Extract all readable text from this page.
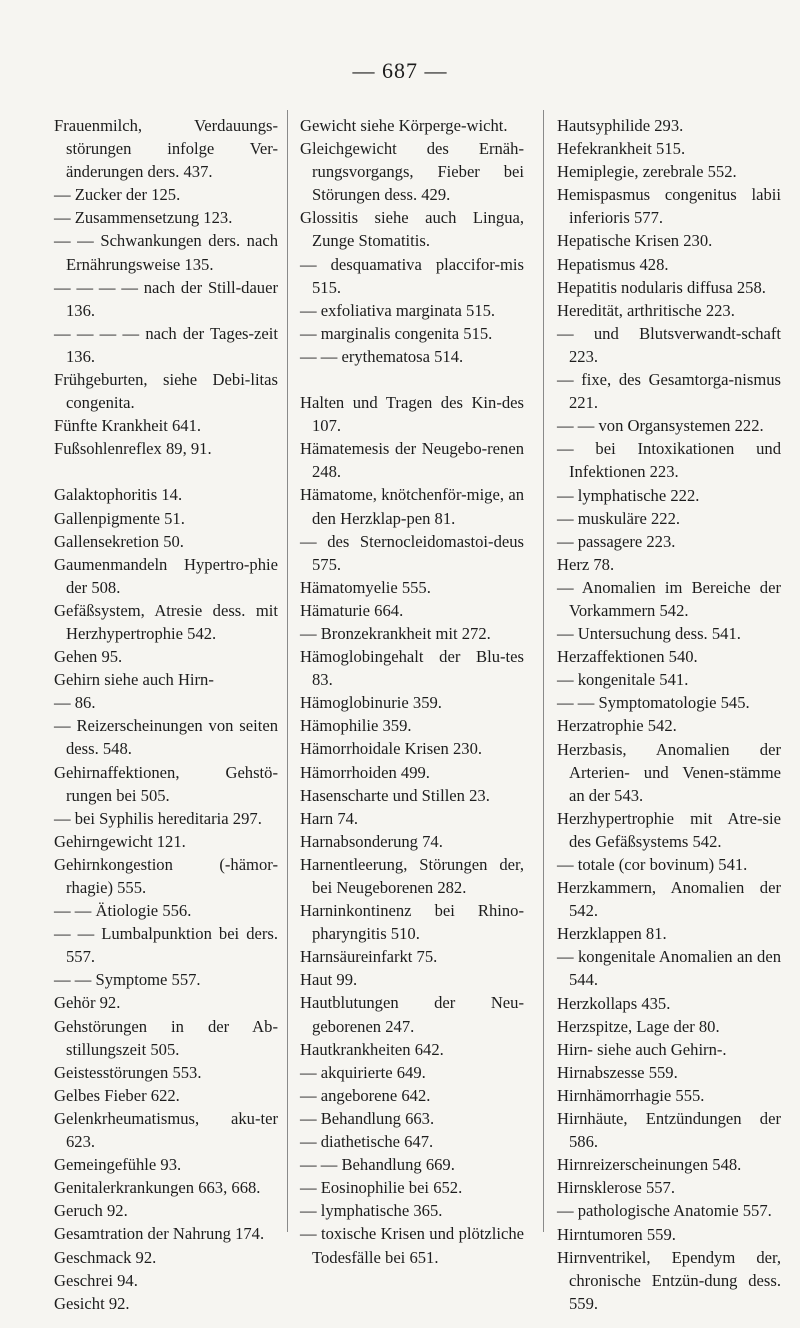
— 687 —
Frauenmilch, Verdauungs-störungen infolge Ver-änderungen ders. 437.
— Zucker der 125.
— Zusammensetzung 123.
— — Schwankungen ders. nach Ernährungsweise 135.
— — — — nach der Still-dauer 136.
— — — — nach der Tages-zeit 136.
Frühgeburten, siehe Debi-litas congenita.
Fünfte Krankheit 641.
Fußsohlenreflex 89, 91.
Galaktophoritis 14.
Gallenpigmente 51.
Gallensekretion 50.
Gaumenmandeln Hypertro-phie der 508.
Gefäßsystem, Atresie dess. mit Herzhypertrophie 542.
Gehen 95.
Gehirn siehe auch Hirn-
— 86.
— Reizerscheinungen von seiten dess. 548.
Gehirnaffektionen, Gehstö-rungen bei 505.
— bei Syphilis hereditaria 297.
Gehirngewicht 121.
Gehirnkongestion (-hämor-rhagie) 555.
— — Ätiologie 556.
— — Lumbalpunktion bei ders. 557.
— — Symptome 557.
Gehör 92.
Gehstörungen in der Ab-stillungszeit 505.
Geistesstörungen 553.
Gelbes Fieber 622.
Gelenkrheumatismus, aku-ter 623.
Gemeingefühle 93.
Genitalerkrankungen 663, 668.
Geruch 92.
Gesamtration der Nahrung 174.
Geschmack 92.
Geschrei 94.
Gesicht 92.
Gewicht siehe Körperge-wicht.
Gleichgewicht des Ernäh-rungsvorgangs, Fieber bei Störungen dess. 429.
Glossitis siehe auch Lingua, Zunge Stomatitis.
— desquamativa placcifor-mis 515.
— exfoliativa marginata 515.
— marginalis congenita 515.
— — erythematosa 514.
Halten und Tragen des Kin-des 107.
Hämatemesis der Neugebo-renen 248.
Hämatome, knötchenför-mige, an den Herzklap-pen 81.
— des Sternocleidomastoi-deus 575.
Hämatomyelie 555.
Hämaturie 664.
— Bronzekrankheit mit 272.
Hämoglobingehalt der Blu-tes 83.
Hämoglobinurie 359.
Hämophilie 359.
Hämorrhoidale Krisen 230.
Hämorrhoiden 499.
Hasenscharte und Stillen 23.
Harn 74.
Harnabsonderung 74.
Harnentleerung, Störungen der, bei Neugeborenen 282.
Harninkontinenz bei Rhino-pharyngitis 510.
Harnsäureinfarkt 75.
Haut 99.
Hautblutungen der Neu-geborenen 247.
Hautkrankheiten 642.
— akquirierte 649.
— angeborene 642.
— Behandlung 663.
— diathetische 647.
— — Behandlung 669.
— Eosinophilie bei 652.
— lymphatische 365.
— toxische Krisen und plötzliche Todesfälle bei 651.
Hautsyphilide 293.
Hefekrankheit 515.
Hemiplegie, zerebrale 552.
Hemispasmus congenitus labii inferioris 577.
Hepatische Krisen 230.
Hepatismus 428.
Hepatitis nodularis diffusa 258.
Heredität, arthritische 223.
— und Blutsverwandt-schaft 223.
— fixe, des Gesamtorga-nismus 221.
— — von Organsystemen 222.
— bei Intoxikationen und Infektionen 223.
— lymphatische 222.
— muskuläre 222.
— passagere 223.
Herz 78.
— Anomalien im Bereiche der Vorkammern 542.
— Untersuchung dess. 541.
Herzaffektionen 540.
— kongenitale 541.
— — Symptomatologie 545.
Herzatrophie 542.
Herzbasis, Anomalien der Arterien- und Venen-stämme an der 543.
Herzhypertrophie mit Atre-sie des Gefäßsystems 542.
— totale (cor bovinum) 541.
Herzkammern, Anomalien der 542.
Herzklappen 81.
— kongenitale Anomalien an den 544.
Herzkollaps 435.
Herzspitze, Lage der 80.
Hirn- siehe auch Gehirn-.
Hirnabszesse 559.
Hirnhämorrhagie 555.
Hirnhäute, Entzündungen der 586.
Hirnreizerscheinungen 548.
Hirnsklerose 557.
— pathologische Anatomie 557.
Hirntumoren 559.
Hirnventrikel, Ependym der, chronische Entzün-dung dess. 559.
